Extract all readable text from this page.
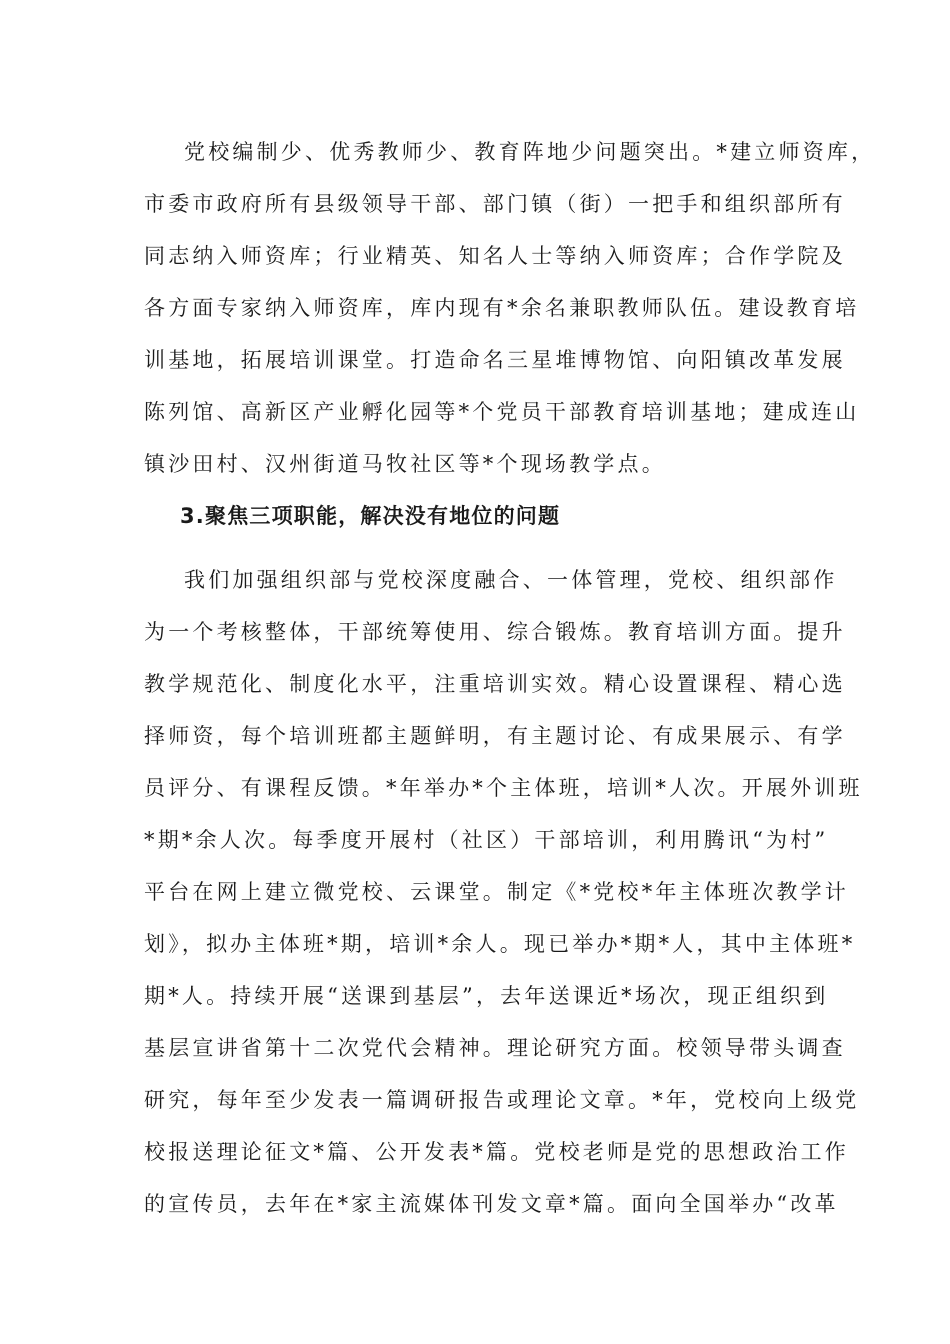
党校编制少、优秀教师少、教育阵地少问题突出。*建立师资库，
市委市政府所有县级领导干部、部门镇（街）一把手和组织部所有
同志纳入师资库；行业精英、知名人士等纳入师资库；合作学院及
各方面专家纳入师资库，库内现有*余名兼职教师队伍。建设教育培
训基地，拓展培训课堂。打造命名三星堆博物馆、向阳镇改革发展
陈列馆、高新区产业孵化园等*个党员干部教育培训基地；建成连山
镇沙田村、汉州街道马牧社区等*个现场教学点。
3.聚焦三项职能，解决没有地位的问题
我们加强组织部与党校深度融合、一体管理，党校、组织部作
为一个考核整体，干部统筹使用、综合锻炼。教育培训方面。提升
教学规范化、制度化水平，注重培训实效。精心设置课程、精心选
择师资，每个培训班都主题鲜明，有主题讨论、有成果展示、有学
员评分、有课程反馈。*年举办*个主体班，培训*人次。开展外训班
*期*余人次。每季度开展村（社区）干部培训，利用腾讯“为村”
平台在网上建立微党校、云课堂。制定《*党校*年主体班次教学计
划》，拟办主体班*期，培训*余人。现已举办*期*人，其中主体班*
期*人。持续开展“送课到基层”，去年送课近*场次，现正组织到
基层宣讲省第十二次党代会精神。理论研究方面。校领导带头调查
研究，每年至少发表一篇调研报告或理论文章。*年，党校向上级党
校报送理论征文*篇、公开发表*篇。党校老师是党的思想政治工作
的宣传员，去年在*家主流媒体刊发文章*篇。面向全国举办“改革
